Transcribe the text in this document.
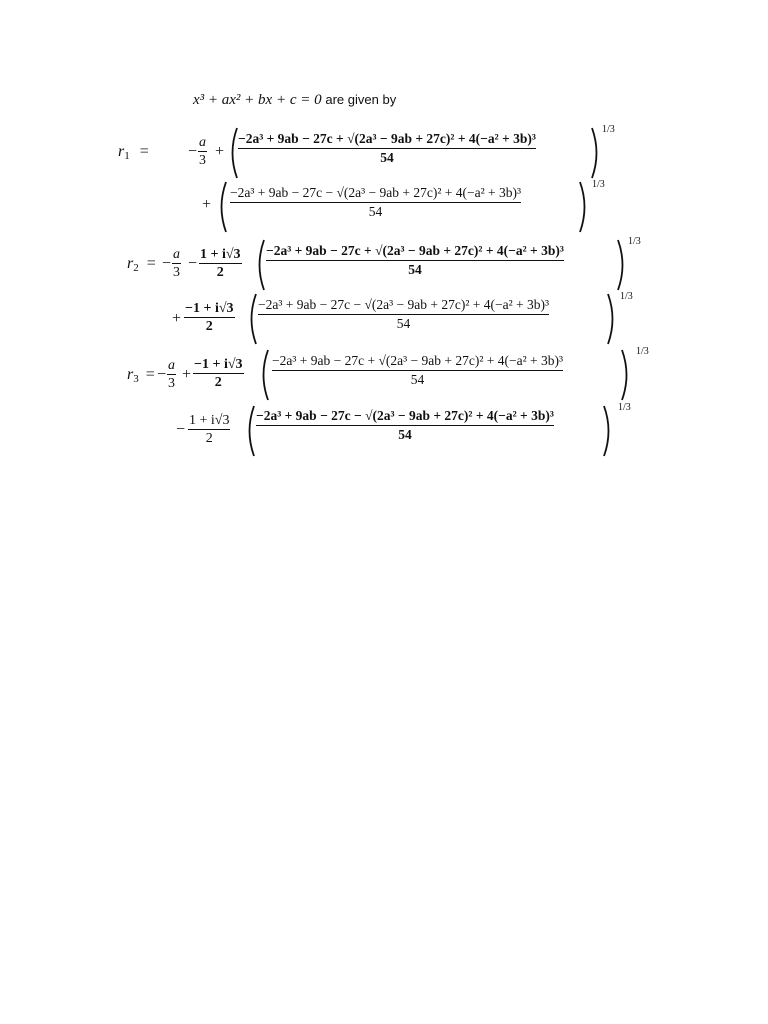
x³ + ax² + bx + c = 0 are given by
$r_1$ = −
a
3
+
−2a³ + 9ab − 27c + √(2a³ − 9ab + 27c)² + 4(−a² + 3b)³
54
1/3
+
−2a³ + 9ab − 27c − √(2a³ − 9ab + 27c)² + 4(−a² + 3b)³
54
1/3
$r_2$ = −
a
3
−
1 + i√3
2
−2a³ + 9ab − 27c + √(2a³ − 9ab + 27c)² + 4(−a² + 3b)³
54
1/3
+
−1 + i√3
2
−2a³ + 9ab − 27c − √(2a³ − 9ab + 27c)² + 4(−a² + 3b)³
54
1/3
$r_3$ = −
a
3
+
−1 + i√3
2
−2a³ + 9ab − 27c + √(2a³ − 9ab + 27c)² + 4(−a² + 3b)³
54
1/3
−
1 + i√3
2
−2a³ + 9ab − 27c − √(2a³ − 9ab + 27c)² + 4(−a² + 3b)³
54
1/3
